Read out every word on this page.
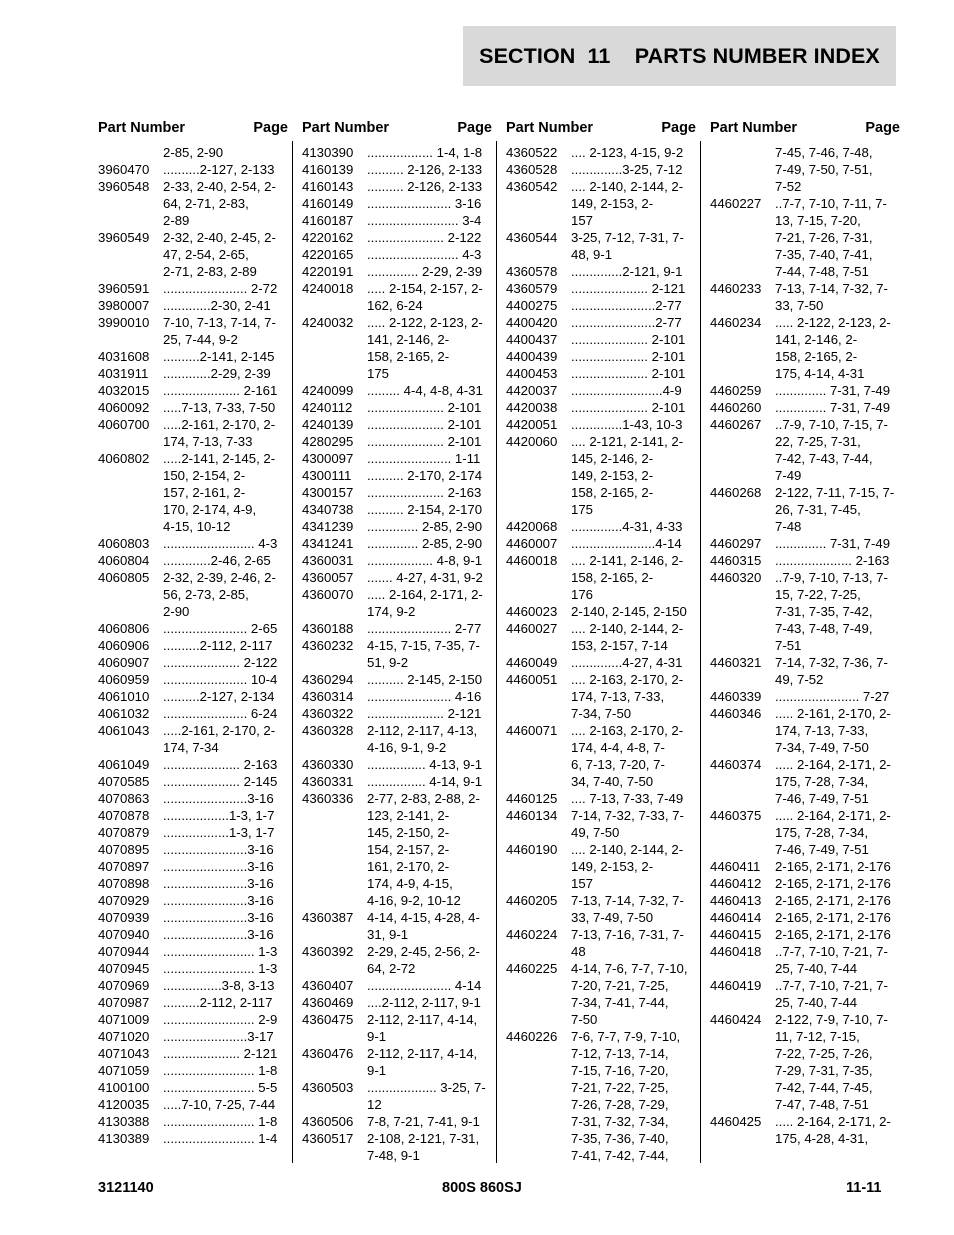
SECTION  11    PARTS NUMBER INDEX
Part Number	Page
2-85, 2-90
3960470	..........2-127, 2-133
3960548	2-33, 2-40, 2-54, 2-
64, 2-71, 2-83,
2-89
3960549	2-32, 2-40, 2-45, 2-
47, 2-54, 2-65,
2-71, 2-83, 2-89
3960591	....................... 2-72
3980007	.............2-30, 2-41
3990010	7-10, 7-13, 7-14, 7-
25, 7-44, 9-2
4031608	..........2-141, 2-145
4031911	.............2-29, 2-39
4032015	..................... 2-161
4060092	.....7-13, 7-33, 7-50
4060700	.....2-161, 2-170, 2-
174, 7-13, 7-33
4060802	.....2-141, 2-145, 2-
150, 2-154, 2-
157, 2-161, 2-
170, 2-174, 4-9,
4-15, 10-12
4060803	......................... 4-3
4060804	.............2-46, 2-65
4060805	2-32, 2-39, 2-46, 2-
56, 2-73, 2-85,
2-90
4060806	....................... 2-65
4060906	..........2-112, 2-117
4060907	..................... 2-122
4060959	....................... 10-4
4061010	..........2-127, 2-134
4061032	....................... 6-24
4061043	.....2-161, 2-170, 2-
174, 7-34
4061049	..................... 2-163
4070585	..................... 2-145
4070863	.......................3-16
4070878	..................1-3, 1-7
4070879	..................1-3, 1-7
4070895	.......................3-16
4070897	.......................3-16
4070898	.......................3-16
4070929	.......................3-16
4070939	.......................3-16
4070940	.......................3-16
4070944	......................... 1-3
4070945	......................... 1-3
4070969	................3-8, 3-13
4070987	..........2-112, 2-117
4071009	......................... 2-9
4071020	.......................3-17
4071043	..................... 2-121
4071059	......................... 1-8
4100100	......................... 5-5
4120035	.....7-10, 7-25, 7-44
4130388	......................... 1-8
4130389	......................... 1-4
Part Number	Page
4130390	.................. 1-4, 1-8
4160139	.......... 2-126, 2-133
4160143	.......... 2-126, 2-133
4160149	....................... 3-16
4160187	......................... 3-4
4220162	..................... 2-122
4220165	......................... 4-3
4220191	.............. 2-29, 2-39
4240018	..... 2-154, 2-157, 2-
162, 6-24
4240032	..... 2-122, 2-123, 2-
141, 2-146, 2-
158, 2-165, 2-
175
4240099	......... 4-4, 4-8, 4-31
4240112	..................... 2-101
4240139	..................... 2-101
4280295	..................... 2-101
4300097	....................... 1-11
4300111	.......... 2-170, 2-174
4300157	..................... 2-163
4340738	.......... 2-154, 2-170
4341239	.............. 2-85, 2-90
4341241	.............. 2-85, 2-90
4360031	.................. 4-8, 9-1
4360057	....... 4-27, 4-31, 9-2
4360070	..... 2-164, 2-171, 2-
174, 9-2
4360188	....................... 2-77
4360232	4-15, 7-15, 7-35, 7-
51, 9-2
4360294	.......... 2-145, 2-150
4360314	....................... 4-16
4360322	..................... 2-121
4360328	2-112, 2-117, 4-13,
4-16, 9-1, 9-2
4360330	................ 4-13, 9-1
4360331	................ 4-14, 9-1
4360336	2-77, 2-83, 2-88, 2-
123, 2-141, 2-
145, 2-150, 2-
154, 2-157, 2-
161, 2-170, 2-
174, 4-9, 4-15,
4-16, 9-2, 10-12
4360387	4-14, 4-15, 4-28, 4-
31, 9-1
4360392	2-29, 2-45, 2-56, 2-
64, 2-72
4360407	....................... 4-14
4360469	....2-112, 2-117, 9-1
4360475	2-112, 2-117, 4-14,
9-1
4360476	2-112, 2-117, 4-14,
9-1
4360503	................... 3-25, 7-12
4360506	7-8, 7-21, 7-41, 9-1
4360517	2-108, 2-121, 7-31,
7-48, 9-1
Part Number	Page
4360522	.... 2-123, 4-15, 9-2
4360528	..............3-25, 7-12
4360542	.... 2-140, 2-144, 2-
149, 2-153, 2-
157
4360544	3-25, 7-12, 7-31, 7-
48, 9-1
4360578	..............2-121, 9-1
4360579	..................... 2-121
4400275	.......................2-77
4400420	.......................2-77
4400437	..................... 2-101
4400439	..................... 2-101
4400453	..................... 2-101
4420037	.........................4-9
4420038	..................... 2-101
4420051	..............1-43, 10-3
4420060	.... 2-121, 2-141, 2-
145, 2-146, 2-
149, 2-153, 2-
158, 2-165, 2-
175
4420068	..............4-31, 4-33
4460007	.......................4-14
4460018	.... 2-141, 2-146, 2-
158, 2-165, 2-
176
4460023	2-140, 2-145, 2-150
4460027	.... 2-140, 2-144, 2-
153, 2-157, 7-14
4460049	..............4-27, 4-31
4460051	.... 2-163, 2-170, 2-
174, 7-13, 7-33,
7-34, 7-50
4460071	.... 2-163, 2-170, 2-
174, 4-4, 4-8, 7-
6, 7-13, 7-20, 7-
34, 7-40, 7-50
4460125	.... 7-13, 7-33, 7-49
4460134	7-14, 7-32, 7-33, 7-
49, 7-50
4460190	.... 2-140, 2-144, 2-
149, 2-153, 2-
157
4460205	7-13, 7-14, 7-32, 7-
33, 7-49, 7-50
4460224	7-13, 7-16, 7-31, 7-
48
4460225	4-14, 7-6, 7-7, 7-10,
7-20, 7-21, 7-25,
7-34, 7-41, 7-44,
7-50
4460226	7-6, 7-7, 7-9, 7-10,
7-12, 7-13, 7-14,
7-15, 7-16, 7-20,
7-21, 7-22, 7-25,
7-26, 7-28, 7-29,
7-31, 7-32, 7-34,
7-35, 7-36, 7-40,
7-41, 7-42, 7-44,
Part Number	Page
7-45, 7-46, 7-48,
7-49, 7-50, 7-51,
7-52
4460227	..7-7, 7-10, 7-11, 7-
13, 7-15, 7-20,
7-21, 7-26, 7-31,
7-35, 7-40, 7-41,
7-44, 7-48, 7-51
4460233	7-13, 7-14, 7-32, 7-
33, 7-50
4460234	..... 2-122, 2-123, 2-
141, 2-146, 2-
158, 2-165, 2-
175, 4-14, 4-31
4460259	.............. 7-31, 7-49
4460260	.............. 7-31, 7-49
4460267	..7-9, 7-10, 7-15, 7-
22, 7-25, 7-31,
7-42, 7-43, 7-44,
7-49
4460268	2-122, 7-11, 7-15, 7-
26, 7-31, 7-45,
7-48
4460297	.............. 7-31, 7-49
4460315	..................... 2-163
4460320	..7-9, 7-10, 7-13, 7-
15, 7-22, 7-25,
7-31, 7-35, 7-42,
7-43, 7-48, 7-49,
7-51
4460321	7-14, 7-32, 7-36, 7-
49, 7-52
4460339	....................... 7-27
4460346	..... 2-161, 2-170, 2-
174, 7-13, 7-33,
7-34, 7-49, 7-50
4460374	..... 2-164, 2-171, 2-
175, 7-28, 7-34,
7-46, 7-49, 7-51
4460375	..... 2-164, 2-171, 2-
175, 7-28, 7-34,
7-46, 7-49, 7-51
4460411	2-165, 2-171, 2-176
4460412	2-165, 2-171, 2-176
4460413	2-165, 2-171, 2-176
4460414	2-165, 2-171, 2-176
4460415	2-165, 2-171, 2-176
4460418	..7-7, 7-10, 7-21, 7-
25, 7-40, 7-44
4460419	..7-7, 7-10, 7-21, 7-
25, 7-40, 7-44
4460424	2-122, 7-9, 7-10, 7-
11, 7-12, 7-15,
7-22, 7-25, 7-26,
7-29, 7-31, 7-35,
7-42, 7-44, 7-45,
7-47, 7-48, 7-51
4460425	..... 2-164, 2-171, 2-
175, 4-28, 4-31,
3121140	800S 860SJ	11-11
